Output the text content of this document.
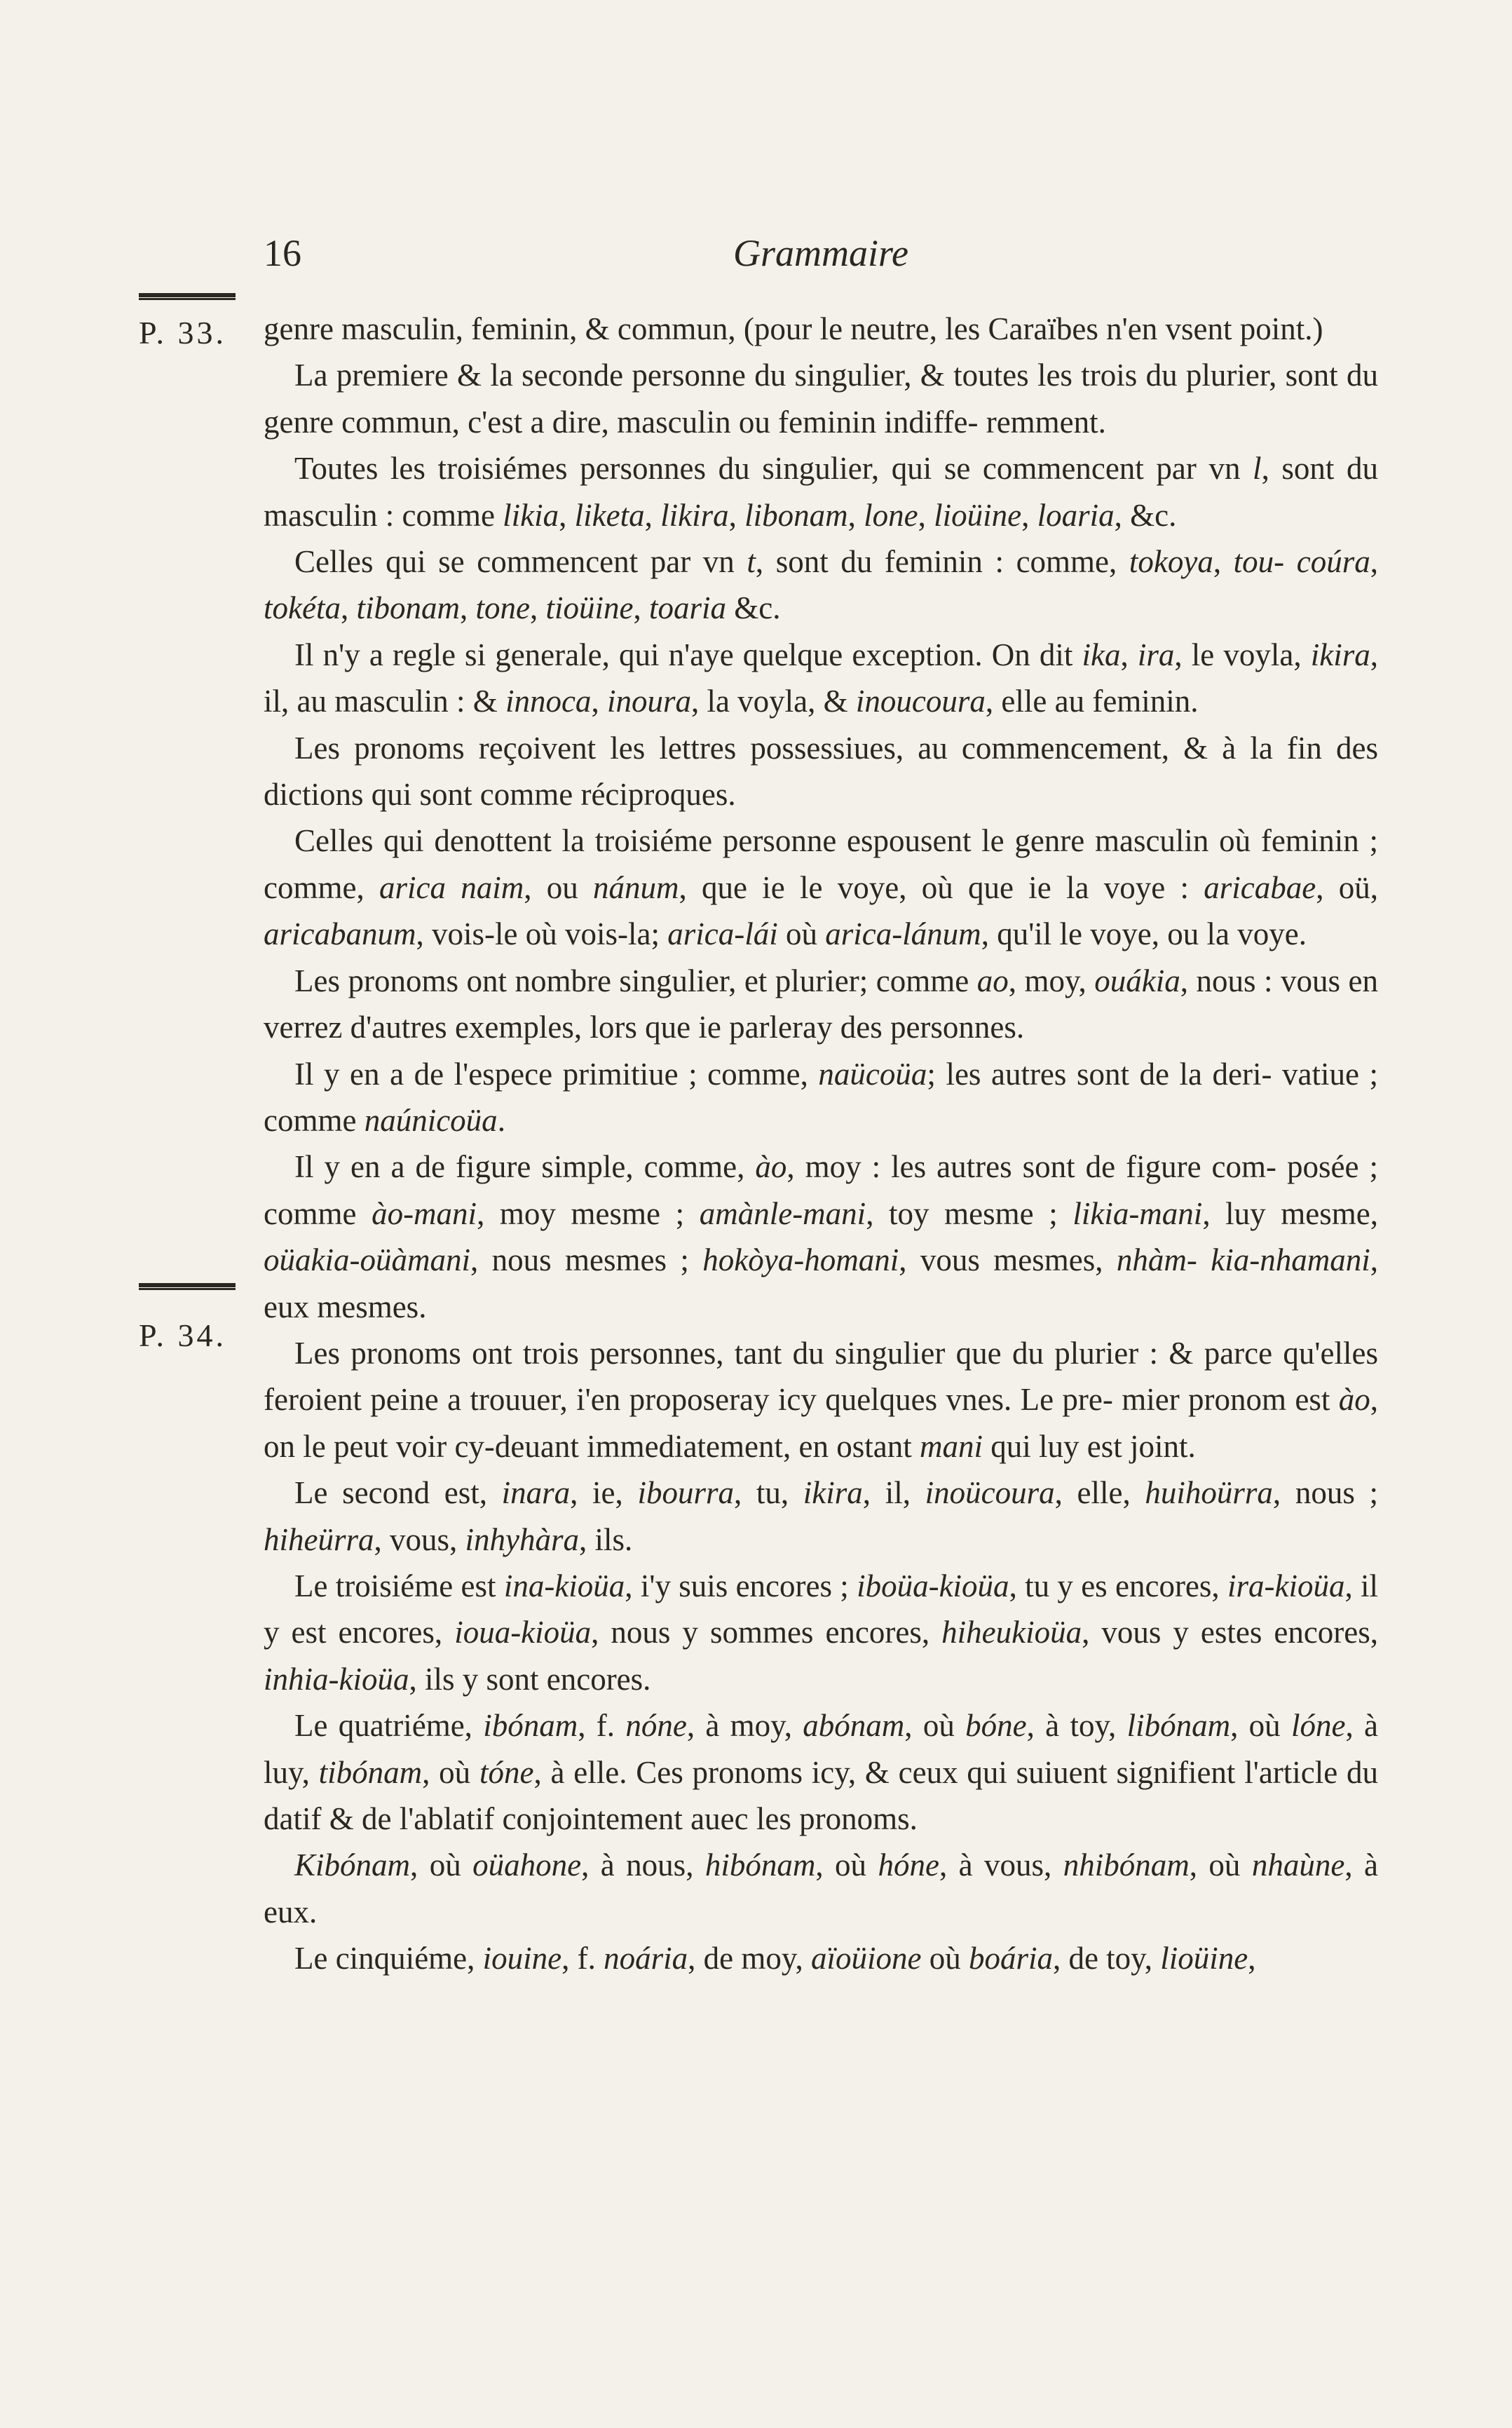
16	Grammaire
P. 33.
P. 34.

genre masculin, feminin, & commun, (pour le neutre, les Caraïbes n'en vsent point.)

La premiere & la seconde personne du singulier, & toutes les trois du plurier, sont du genre commun, c'est a dire, masculin ou feminin indiffe- remment.

Toutes les troisiémes personnes du singulier, qui se commencent par vn l, sont du masculin : comme likia, liketa, likira, libonam, lone, lioüine, loaria, &c.

Celles qui se commencent par vn t, sont du feminin : comme, tokoya, tou- coúra, tokéta, tibonam, tone, tioüine, toaria &c.

Il n'y a regle si generale, qui n'aye quelque exception. On dit ika, ira, le voyla, ikira, il, au masculin : & innoca, inoura, la voyla, & inoucoura, elle au feminin.

Les pronoms reçoivent les lettres possessiues, au commencement, & à la fin des dictions qui sont comme réciproques.

Celles qui denottent la troisiéme personne espousent le genre masculin où feminin ; comme, arica naim, ou nánum, que ie le voye, où que ie la voye : aricabae, oü, aricabanum, vois-le où vois-la; arica-lái où arica-lánum, qu'il le voye, ou la voye.

Les pronoms ont nombre singulier, et plurier; comme ao, moy, ouákia, nous : vous en verrez d'autres exemples, lors que ie parleray des personnes.

Il y en a de l'espece primitiue ; comme, naücoüa; les autres sont de la deri- vatiue ; comme naúnicoüa.

Il y en a de figure simple, comme, ào, moy : les autres sont de figure com- posée ; comme ào-mani, moy mesme ; amànle-mani, toy mesme ; likia-mani, luy mesme, oüakia-oüàmani, nous mesmes ; hokòya-homani, vous mesmes, nhàm- kia-nhamani, eux mesmes.

Les pronoms ont trois personnes, tant du singulier que du plurier : & parce qu'elles feroient peine a trouuer, i'en proposeray icy quelques vnes. Le pre- mier pronom est ào, on le peut voir cy-deuant immediatement, en ostant mani qui luy est joint.

Le second est, inara, ie, ibourra, tu, ikira, il, inoücoura, elle, huihoürra, nous ; hiheürra, vous, inhyhàra, ils.

Le troisiéme est ina-kioüa, i'y suis encores ; iboüa-kioüa, tu y es encores, ira-kioüa, il y est encores, ioua-kioüa, nous y sommes encores, hiheukioüa, vous y estes encores, inhia-kioüa, ils y sont encores.

Le quatriéme, ibónam, f. nóne, à moy, abónam, où bóne, à toy, libónam, où lóne, à luy, tibónam, où tóne, à elle. Ces pronoms icy, & ceux qui suiuent signifient l'article du datif & de l'ablatif conjointement auec les pronoms.

Kibónam, où oüahone, à nous, hibónam, où hóne, à vous, nhibónam, où nhaùne, à eux.

Le cinquiéme, iouine, f. noária, de moy, aïoüione où boária, de toy, lioüine,
